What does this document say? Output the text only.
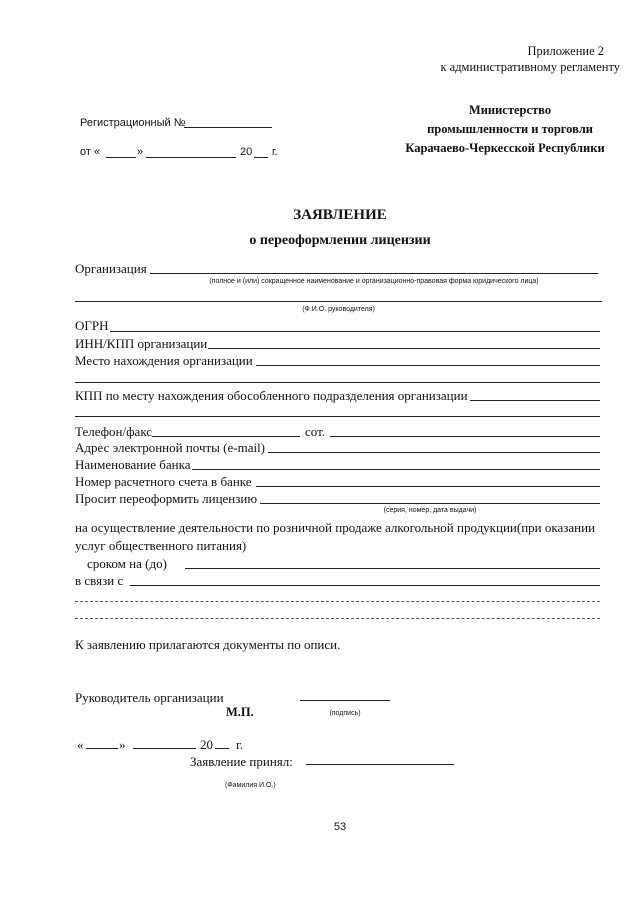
Приложение 2
к административному регламенту
Регистрационный №
от «	»	20 г.
Министерство
промышленности и торговли
Карачаево-Черкесской Республики
ЗАЯВЛЕНИЕ
о переоформлении лицензии
Организация
(полное и (или) сокращенное наименование и организационно-правовая форма юридического лица)
(Ф.И.О. руководителя)
ОГРН
ИНН/КПП организации
Место нахождения организации
КПП по месту нахождения обособленного подразделения организации
Телефон/факс	сот.
Адрес электронной почты (e-mail)
Наименование банка
Номер расчетного счета в банке
Просит переоформить лицензию
(серия, номер, дата выдачи)
на осуществление деятельности по розничной продаже алкогольной продукции(при оказании
услуг общественного питания)
сроком на (до)
в связи с
К заявлению прилагаются документы по описи.
Руководитель организации
М.П.	(подпись)
«	»	20 г.
Заявление принял:
(Фамилия И.О.)
53
